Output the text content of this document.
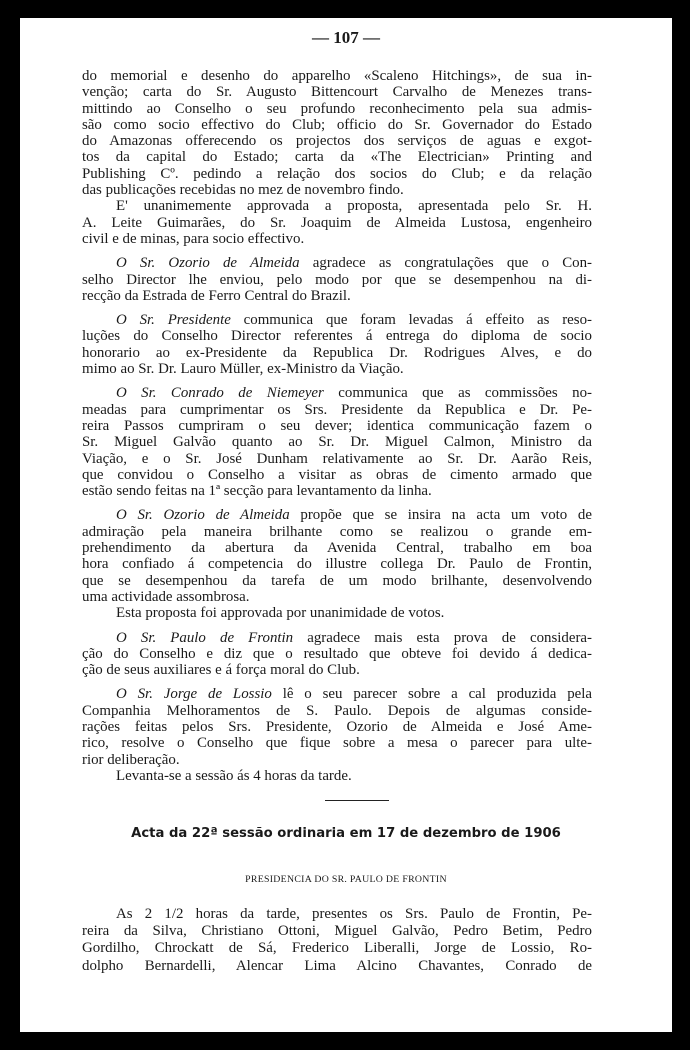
— 107 —
do memorial e desenho do apparelho «Scaleno Hitchings», de sua in-
venção; carta do Sr. Augusto Bittencourt Carvalho de Menezes trans-
mittindo ao Conselho o seu profundo reconhecimento pela sua admis-
são como socio effectivo do Club; officio do Sr. Governador do Estado
do Amazonas offerecendo os projectos dos serviços de aguas e exgot-
tos da capital do Estado; carta da «The Electrician» Printing and
Publishing Cº. pedindo a relação dos socios do Club; e da relação
das publicações recebidas no mez de novembro findo.
E' unanimemente approvada a proposta, apresentada pelo Sr. H.
A. Leite Guimarães, do Sr. Joaquim de Almeida Lustosa, engenheiro
civil e de minas, para socio effectivo.
O Sr. Ozorio de Almeida agradece as congratulações que o Con-
selho Director lhe enviou, pelo modo por que se desempenhou na di-
recção da Estrada de Ferro Central do Brazil.
O Sr. Presidente communica que foram levadas á effeito as reso-
luções do Conselho Director referentes á entrega do diploma de socio
honorario ao ex-Presidente da Republica Dr. Rodrigues Alves, e do
mimo ao Sr. Dr. Lauro Müller, ex-Ministro da Viação.
O Sr. Conrado de Niemeyer communica que as commissões no-
meadas para cumprimentar os Srs. Presidente da Republica e Dr. Pe-
reira Passos cumpriram o seu dever; identica communicação fazem o
Sr. Miguel Galvão quanto ao Sr. Dr. Miguel Calmon, Ministro da
Viação, e o Sr. José Dunham relativamente ao Sr. Dr. Aarão Reis,
que convidou o Conselho a visitar as obras de cimento armado que
estão sendo feitas na 1ª secção para levantamento da linha.
O Sr. Ozorio de Almeida propõe que se insira na acta um voto de
admiração pela maneira brilhante como se realizou o grande em-
prehendimento da abertura da Avenida Central, trabalho em boa
hora confiado á competencia do illustre collega Dr. Paulo de Frontin,
que se desempenhou da tarefa de um modo brilhante, desenvolvendo
uma actividade assombrosa.
Esta proposta foi approvada por unanimidade de votos.
O Sr. Paulo de Frontin agradece mais esta prova de considera-
ção do Conselho e diz que o resultado que obteve foi devido á dedica-
ção de seus auxiliares e á força moral do Club.
O Sr. Jorge de Lossio lê o seu parecer sobre a cal produzida pela
Companhia Melhoramentos de S. Paulo. Depois de algumas conside-
rações feitas pelos Srs. Presidente, Ozorio de Almeida e José Ame-
rico, resolve o Conselho que fique sobre a mesa o parecer para ulte-
rior deliberação.
Levanta-se a sessão ás 4 horas da tarde.
Acta da 22ª sessão ordinaria em 17 de dezembro de 1906
PRESIDENCIA DO SR. PAULO DE FRONTIN
As 2 1/2 horas da tarde, presentes os Srs. Paulo de Frontin, Pe-
reira da Silva, Christiano Ottoni, Miguel Galvão, Pedro Betim, Pedro
Gordilho, Chrockatt de Sá, Frederico Liberalli, Jorge de Lossio, Ro-
dolpho Bernardelli, Alencar Lima Alcino Chavantes, Conrado de
